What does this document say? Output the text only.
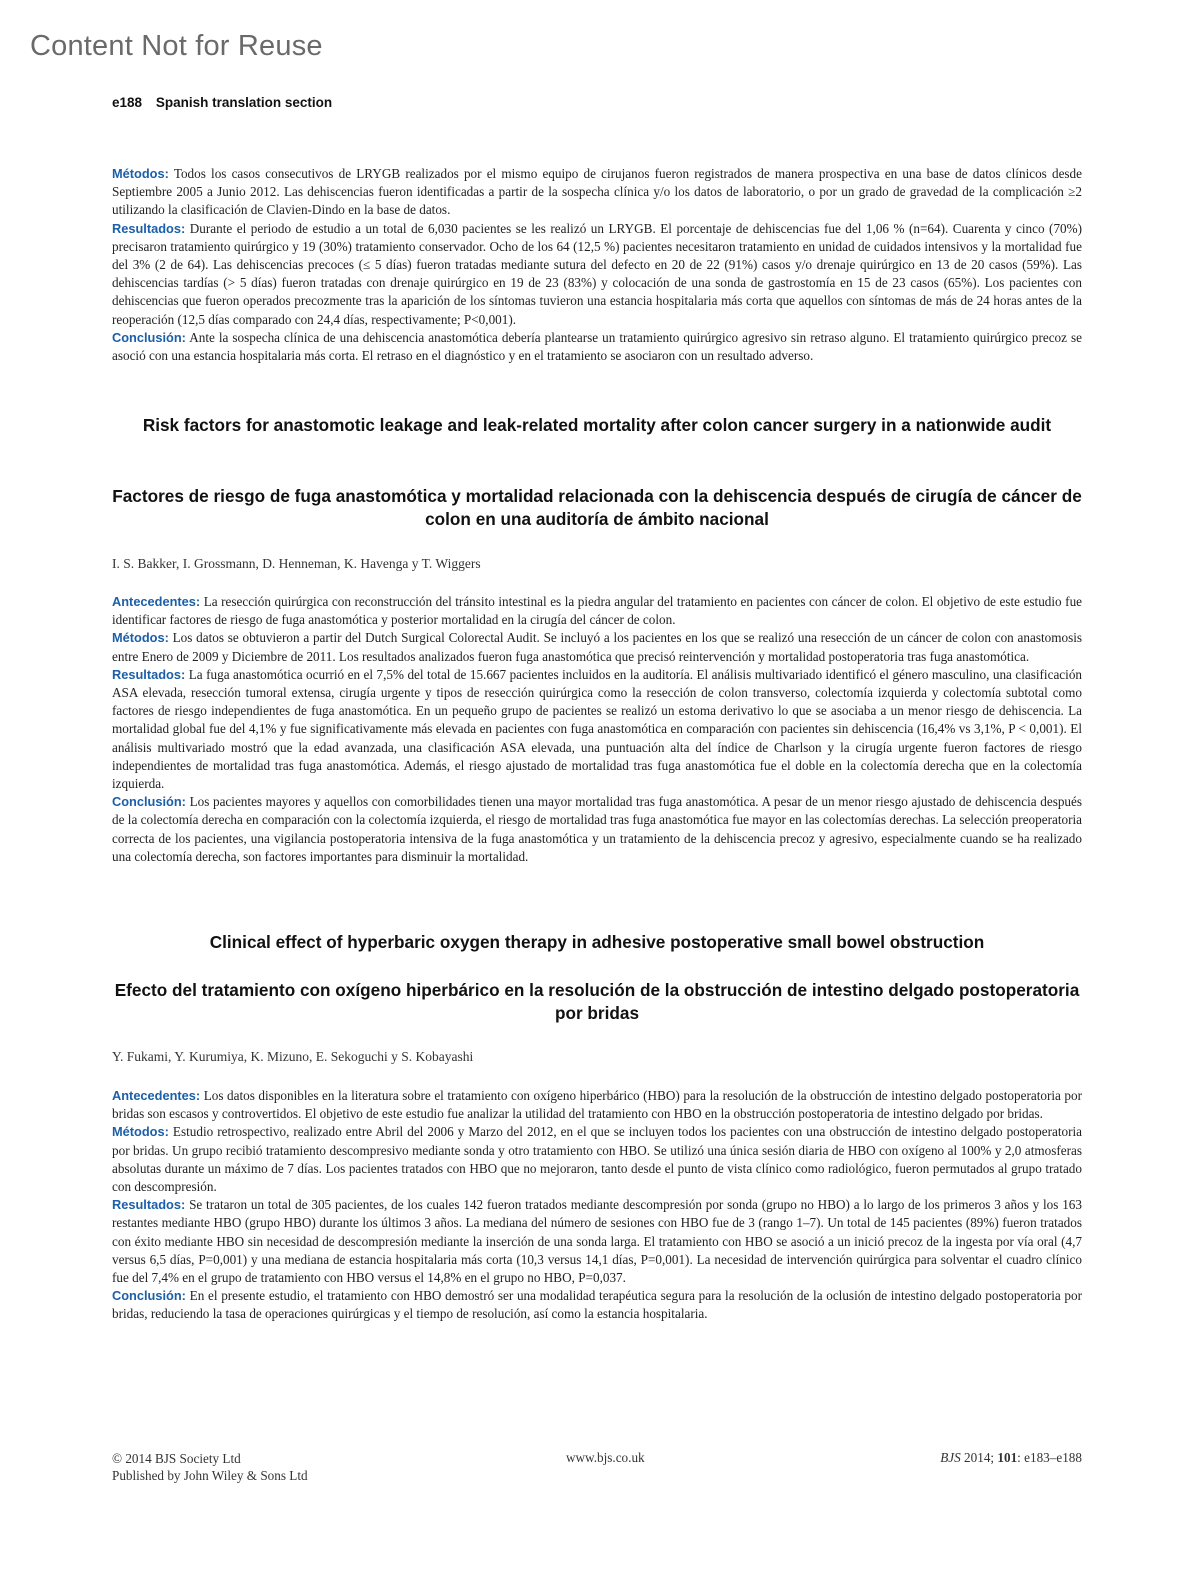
Content Not for Reuse
e188 Spanish translation section

Métodos: Todos los casos consecutivos de LRYGB realizados por el mismo equipo de cirujanos fueron registrados de manera prospectiva en una base de datos clínicos desde Septiembre 2005 a Junio 2012. Las dehiscencias fueron identificadas a partir de la sospecha clínica y/o los datos de laboratorio, o por un grado de gravedad de la complicación ≥2 utilizando la clasificación de Clavien-Dindo en la base de datos.

Resultados: Durante el periodo de estudio a un total de 6,030 pacientes se les realizó un LRYGB. El porcentaje de dehiscencias fue del 1,06 % (n=64). Cuarenta y cinco (70%) precisaron tratamiento quirúrgico y 19 (30%) tratamiento conservador. Ocho de los 64 (12,5 %) pacientes necesitaron tratamiento en unidad de cuidados intensivos y la mortalidad fue del 3% (2 de 64). Las dehiscencias precoces (≤ 5 días) fueron tratadas mediante sutura del defecto en 20 de 22 (91%) casos y/o drenaje quirúrgico en 13 de 20 casos (59%). Las dehiscencias tardías (> 5 días) fueron tratadas con drenaje quirúrgico en 19 de 23 (83%) y colocación de una sonda de gastrostomía en 15 de 23 casos (65%). Los pacientes con dehiscencias que fueron operados precozmente tras la aparición de los síntomas tuvieron una estancia hospitalaria más corta que aquellos con síntomas de más de 24 horas antes de la reoperación (12,5 días comparado con 24,4 días, respectivamente; P<0,001).

Conclusión: Ante la sospecha clínica de una dehiscencia anastomótica debería plantearse un tratamiento quirúrgico agresivo sin retraso alguno. El tratamiento quirúrgico precoz se asoció con una estancia hospitalaria más corta. El retraso en el diagnóstico y en el tratamiento se asociaron con un resultado adverso.

Risk factors for anastomotic leakage and leak-related mortality after colon cancer surgery in a nationwide audit
Factores de riesgo de fuga anastomótica y mortalidad relacionada con la dehiscencia después de cirugía de cáncer de colon en una auditoría de ámbito nacional
I. S. Bakker, I. Grossmann, D. Henneman, K. Havenga y T. Wiggers

Antecedentes: La resección quirúrgica con reconstrucción del tránsito intestinal es la piedra angular del tratamiento en pacientes con cáncer de colon. El objetivo de este estudio fue identificar factores de riesgo de fuga anastomótica y posterior mortalidad en la cirugía del cáncer de colon.

Métodos: Los datos se obtuvieron a partir del Dutch Surgical Colorectal Audit. Se incluyó a los pacientes en los que se realizó una resección de un cáncer de colon con anastomosis entre Enero de 2009 y Diciembre de 2011. Los resultados analizados fueron fuga anastomótica que precisó reintervención y mortalidad postoperatoria tras fuga anastomótica.

Resultados: La fuga anastomótica ocurrió en el 7,5% del total de 15.667 pacientes incluidos en la auditoría. El análisis multivariado identificó el género masculino, una clasificación ASA elevada, resección tumoral extensa, cirugía urgente y tipos de resección quirúrgica como la resección de colon transverso, colectomía izquierda y colectomía subtotal como factores de riesgo independientes de fuga anastomótica. En un pequeño grupo de pacientes se realizó un estoma derivativo lo que se asociaba a un menor riesgo de dehiscencia. La mortalidad global fue del 4,1% y fue significativamente más elevada en pacientes con fuga anastomótica en comparación con pacientes sin dehiscencia (16,4% vs 3,1%, P < 0,001). El análisis multivariado mostró que la edad avanzada, una clasificación ASA elevada, una puntuación alta del índice de Charlson y la cirugía urgente fueron factores de riesgo independientes de mortalidad tras fuga anastomótica. Además, el riesgo ajustado de mortalidad tras fuga anastomótica fue el doble en la colectomía derecha que en la colectomía izquierda.

Conclusión: Los pacientes mayores y aquellos con comorbilidades tienen una mayor mortalidad tras fuga anastomótica. A pesar de un menor riesgo ajustado de dehiscencia después de la colectomía derecha en comparación con la colectomía izquierda, el riesgo de mortalidad tras fuga anastomótica fue mayor en las colectomías derechas. La selección preoperatoria correcta de los pacientes, una vigilancia postoperatoria intensiva de la fuga anastomótica y un tratamiento de la dehiscencia precoz y agresivo, especialmente cuando se ha realizado una colectomía derecha, son factores importantes para disminuir la mortalidad.

Clinical effect of hyperbaric oxygen therapy in adhesive postoperative small bowel obstruction
Efecto del tratamiento con oxígeno hiperbárico en la resolución de la obstrucción de intestino delgado postoperatoria por bridas
Y. Fukami, Y. Kurumiya, K. Mizuno, E. Sekoguchi y S. Kobayashi

Antecedentes: Los datos disponibles en la literatura sobre el tratamiento con oxígeno hiperbárico (HBO) para la resolución de la obstrucción de intestino delgado postoperatoria por bridas son escasos y controvertidos. El objetivo de este estudio fue analizar la utilidad del tratamiento con HBO en la obstrucción postoperatoria de intestino delgado por bridas.

Métodos: Estudio retrospectivo, realizado entre Abril del 2006 y Marzo del 2012, en el que se incluyen todos los pacientes con una obstrucción de intestino delgado postoperatoria por bridas. Un grupo recibió tratamiento descompresivo mediante sonda y otro tratamiento con HBO. Se utilizó una única sesión diaria de HBO con oxígeno al 100% y 2,0 atmosferas absolutas durante un máximo de 7 días. Los pacientes tratados con HBO que no mejoraron, tanto desde el punto de vista clínico como radiológico, fueron permutados al grupo tratado con descompresión.

Resultados: Se trataron un total de 305 pacientes, de los cuales 142 fueron tratados mediante descompresión por sonda (grupo no HBO) a lo largo de los primeros 3 años y los 163 restantes mediante HBO (grupo HBO) durante los últimos 3 años. La mediana del número de sesiones con HBO fue de 3 (rango 1–7). Un total de 145 pacientes (89%) fueron tratados con éxito mediante HBO sin necesidad de descompresión mediante la inserción de una sonda larga. El tratamiento con HBO se asoció a un inició precoz de la ingesta por vía oral (4,7 versus 6,5 días, P=0,001) y una mediana de estancia hospitalaria más corta (10,3 versus 14,1 días, P=0,001). La necesidad de intervención quirúrgica para solventar el cuadro clínico fue del 7,4% en el grupo de tratamiento con HBO versus el 14,8% en el grupo no HBO, P=0,037.

Conclusión: En el presente estudio, el tratamiento con HBO demostró ser una modalidad terapéutica segura para la resolución de la oclusión de intestino delgado postoperatoria por bridas, reduciendo la tasa de operaciones quirúrgicas y el tiempo de resolución, así como la estancia hospitalaria.

© 2014 BJS Society Ltd
Published by John Wiley & Sons Ltd
www.bjs.co.uk	BJS 2014; 101: e183–e188
